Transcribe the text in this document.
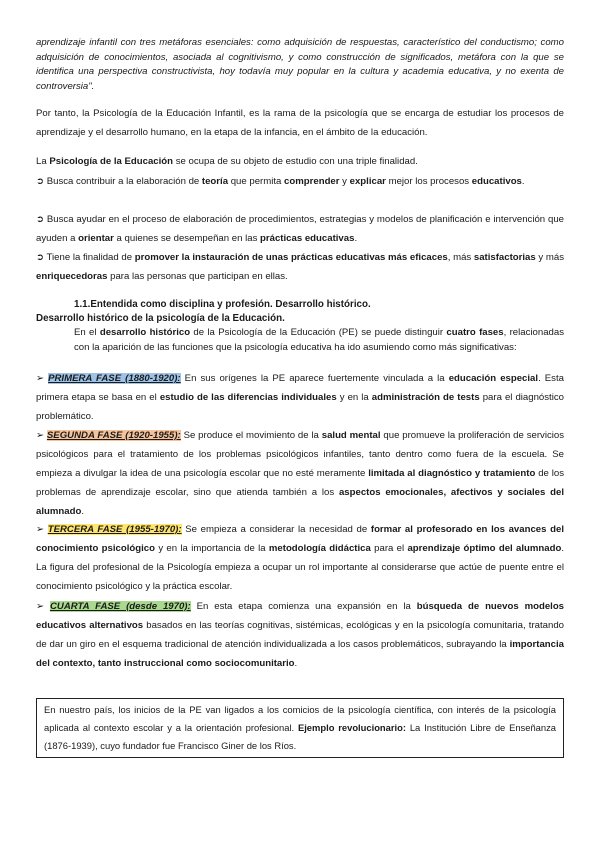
aprendizaje infantil con tres metáforas esenciales: como adquisición de respuestas, característico del conductismo; como adquisición de conocimientos, asociada al cognitivismo, y como construcción de significados, metáfora con la que se identifica una perspectiva constructivista, hoy todavía muy popular en la cultura y academia educativa, y no exenta de controversia".

Por tanto, la Psicología de la Educación Infantil, es la rama de la psicología que se encarga de estudiar los procesos de aprendizaje y el desarrollo humano, en la etapa de la infancia, en el ámbito de la educación.

La Psicología de la Educación se ocupa de su objeto de estudio con una triple finalidad.

➲ Busca contribuir a la elaboración de teoría que permita comprender y explicar mejor los procesos educativos.

➲ Busca ayudar en el proceso de elaboración de procedimientos, estrategias y modelos de planificación e intervención que ayuden a orientar a quienes se desempeñan en las prácticas educativas.

➲ Tiene la finalidad de promover la instauración de unas prácticas educativas más eficaces, más satisfactorias y más enriquecedoras para las personas que participan en ellas.

1.1.Entendida como disciplina y profesión. Desarrollo histórico.

Desarrollo histórico de la psicología de la Educación.

En el desarrollo histórico de la Psicología de la Educación (PE) se puede distinguir cuatro fases, relacionadas con la aparición de las funciones que la psicología educativa ha ido asumiendo como más significativas:

➢ PRIMERA FASE (1880-1920): En sus orígenes la PE aparece fuertemente vinculada a la educación especial. Esta primera etapa se basa en el estudio de las diferencias individuales y en la administración de tests para el diagnóstico problemático.

➢ SEGUNDA FASE (1920-1955): Se produce el movimiento de la salud mental que promueve la proliferación de servicios psicológicos para el tratamiento de los problemas psicológicos infantiles, tanto dentro como fuera de la escuela. Se empieza a divulgar la idea de una psicología escolar que no esté meramente limitada al diagnóstico y tratamiento de los problemas de aprendizaje escolar, sino que atienda también a los aspectos emocionales, afectivos y sociales del alumnado.

➢ TERCERA FASE (1955-1970): Se empieza a considerar la necesidad de formar al profesorado en los avances del conocimiento psicológico y en la importancia de la metodología didáctica para el aprendizaje óptimo del alumnado. La figura del profesional de la Psicología empieza a ocupar un rol importante al considerarse que actúe de puente entre el conocimiento psicológico y la práctica escolar.

➢ CUARTA FASE (desde 1970): En esta etapa comienza una expansión en la búsqueda de nuevos modelos educativos alternativos basados en las teorías cognitivas, sistémicas, ecológicas y en la psicología comunitaria, tratando de dar un giro en el esquema tradicional de atención individualizada a los casos problemáticos, subrayando la importancia del contexto, tanto instruccional como sociocomunitario.

En nuestro país, los inicios de la PE van ligados a los comicios de la psicología científica, con interés de la psicología aplicada al contexto escolar y a la orientación profesional. Ejemplo revolucionario: La Institución Libre de Enseñanza (1876-1939), cuyo fundador fue Francisco Giner de los Ríos.
